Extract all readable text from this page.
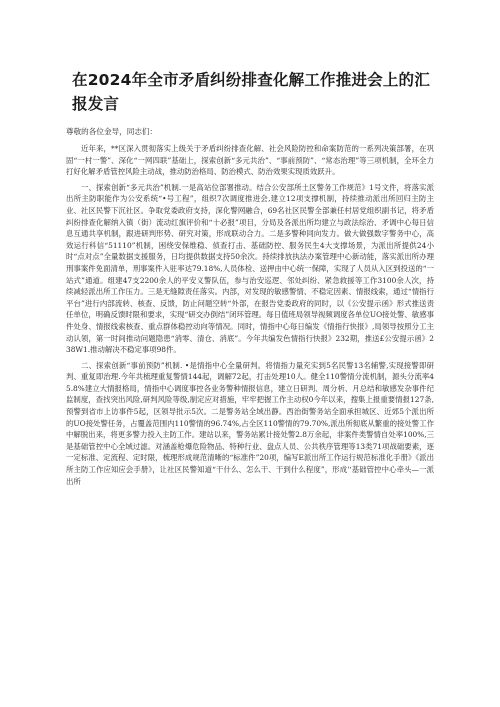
在2024年全市矛盾纠纷排查化解工作推进会上的汇报发言

尊敬的各位金导，同志们：

近年来，**区深入贯彻落实上级关于矛盾纠纷排查化解、社会风险防控和命案防范的一系列决策部署，在巩固“一村一警”、深化“一网四联”基础上，探索创新“多元共治”、“事前预防”、“常态治理”等三项机制，全环全力打好化解矛盾管控风险主动战，推动防治格局、防治模式、防治效果实现质效跃升。

一、探索创新“多元共治”机制.一是高站位部署推动。结合公安部所土区警务工作规范》1号文件，将落实派出所主防职能作为公安系统“•号工程”，组织7次调度推进会,建立12项支撑机制，持续推动派出所回归主防主业、社区民警下沉社区。争取党委政府支持，深化警网融合，69名社区民警全部兼任村居党组织副书记，将矛盾纠纷排查化解纳入镇（街）流动红旗评价和“十必报”项目，分局及各派出所均建立与政法综治、矛调中心每日信息互通共享机制，跟进研判形势、研究对策，形成联动合力。二是多警种同向发力。做大做强数字警务中心，高效运行科信“51110”机制，困绕安保维稳、侦查打击、基础防控、服务民生4大支撑场景，为派出所提供24小时“点对点”全量数据支援服务，日均提供数据支持50余次。持续排放执法办案管理中心新动能，落实派出所办理刑事案件免面清单，刑事案件入驻率达79.18%,人员体检、送押由中心统一保障，实现了人员从入区到投送的“一站式”通道。组建47支2200余人的平安义警队伍，参与治安巡逻、邻处纠纷、紧急救援等工作3100余人次，持续减轻派出所工作压力。三是无缝隙责任落实。内部，对发现的敏感警情、不稳定因素、情报线索，通过“情指行平台”进行内部流转、核查、反馈，防止问题空转“外部，在报告党委政府的同时，以《公安提示函》形式推送责任单位，明确反馈时限和要求，实现“研交办倒结”闭环管理。每日值班局领导视频调度各单位UO接处警、敏感事件处身、情报线索核查、重点群体稳控动向等情况。同时，情指中心每日编发《情指行快报》,局领导按照分工主动认领，第一时间推动问题隐患“消零、清仓、消底”。今年共编发色情指行快报》232期，推送£公安提示函》238W1.推动解决不稳定事项98件。

二、探索创新“事前预防”机制. •是情指中心全量研判。将情指力量充实到5名民警13名辅警,实现接警即研判、重复即治理.今年共梳理重复警情144起，调解72起，打击处理10人。健全110警情分流机制，源头分流率45.8%建立大情报格局，情指中心调度事控各业务警种情报信息，建立日研判、周分析、月总结和敏感发杂事件纪监制度，查找突出风险,研判风险等级,制定应对措施，牢牢把握工作主动权0今年以来，搜集上报重要情报127条,预警到省市上访事件5起，区领导批示5次。二是警务站全域出静。西治街警务站全面承担城区、近郊5个派出所的UO接处警任务，占覆盖范围内110警情的96.74%,占全区110警情的79.70%,派出所彻底从繁重的接处警工作中解脱出来，将更多警力投入主防工作。建站以来，警务站累计接处警2.8万余起，非案件类警情自处率100%,三是基础管控中心全域过滤。对涵盖枪爆危险物品、特种行业、盘点人员、公共秩序管理等13类71项战础要素，逐一定标准、定流程、定时限，梳理形成规范清晰的“标准件”20项，编写E派出所工作运行规范标准化手册》《派出所主防工作应知应会手册》，让社区民警知道“干什么、怎么干、干到什么程度”，形成'‘基础管控中心牵头—一派出所
